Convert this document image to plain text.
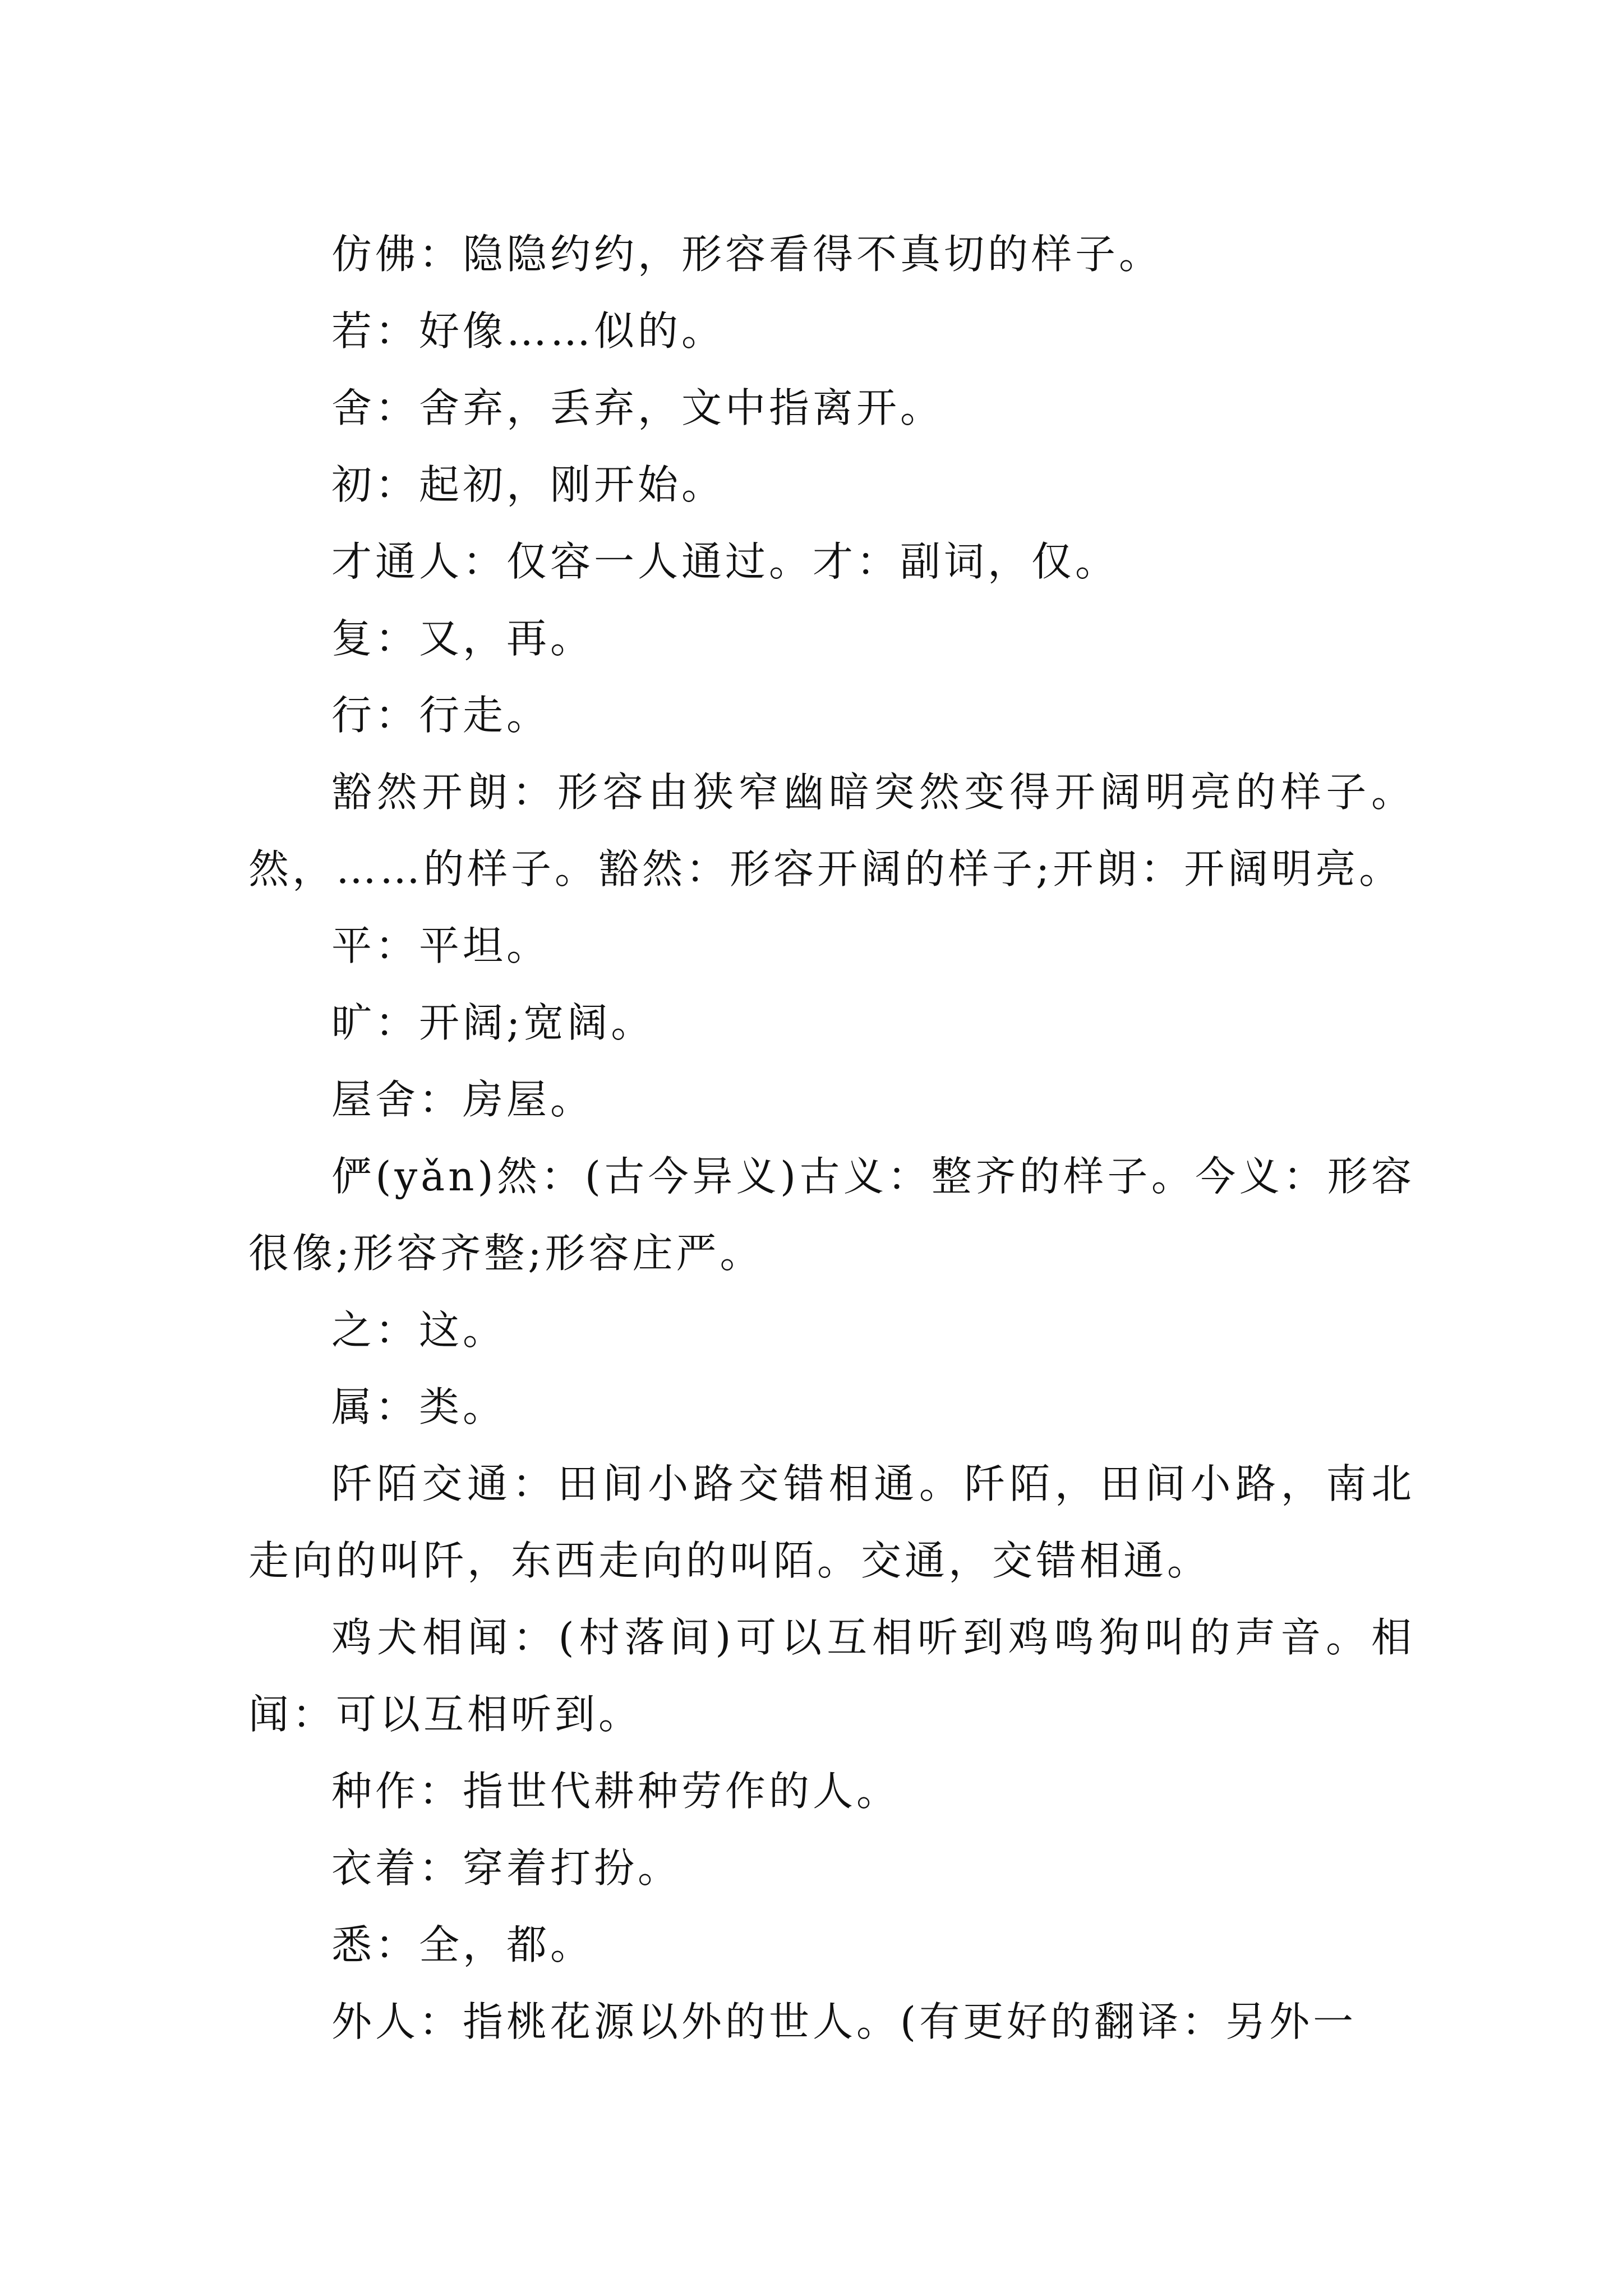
仿佛：隐隐约约，形容看得不真切的样子。

若：好像……似的。

舍：舍弃，丢弃，文中指离开。

初：起初，刚开始。

才通人：仅容一人通过。才：副词，仅。

复：又，再。

行：行走。

豁然开朗：形容由狭窄幽暗突然变得开阔明亮的样子。然，……的样子。豁然：形容开阔的样子;开朗：开阔明亮。

平：平坦。

旷：开阔;宽阔。

屋舍：房屋。

俨(yǎn)然：(古今异义)古义：整齐的样子。今义：形容很像;形容齐整;形容庄严。

之：这。

属：类。

阡陌交通：田间小路交错相通。阡陌，田间小路，南北走向的叫阡，东西走向的叫陌。交通，交错相通。

鸡犬相闻：(村落间)可以互相听到鸡鸣狗叫的声音。相闻：可以互相听到。

种作：指世代耕种劳作的人。

衣着：穿着打扮。

悉：全，都。

外人：指桃花源以外的世人。(有更好的翻译：另外一
